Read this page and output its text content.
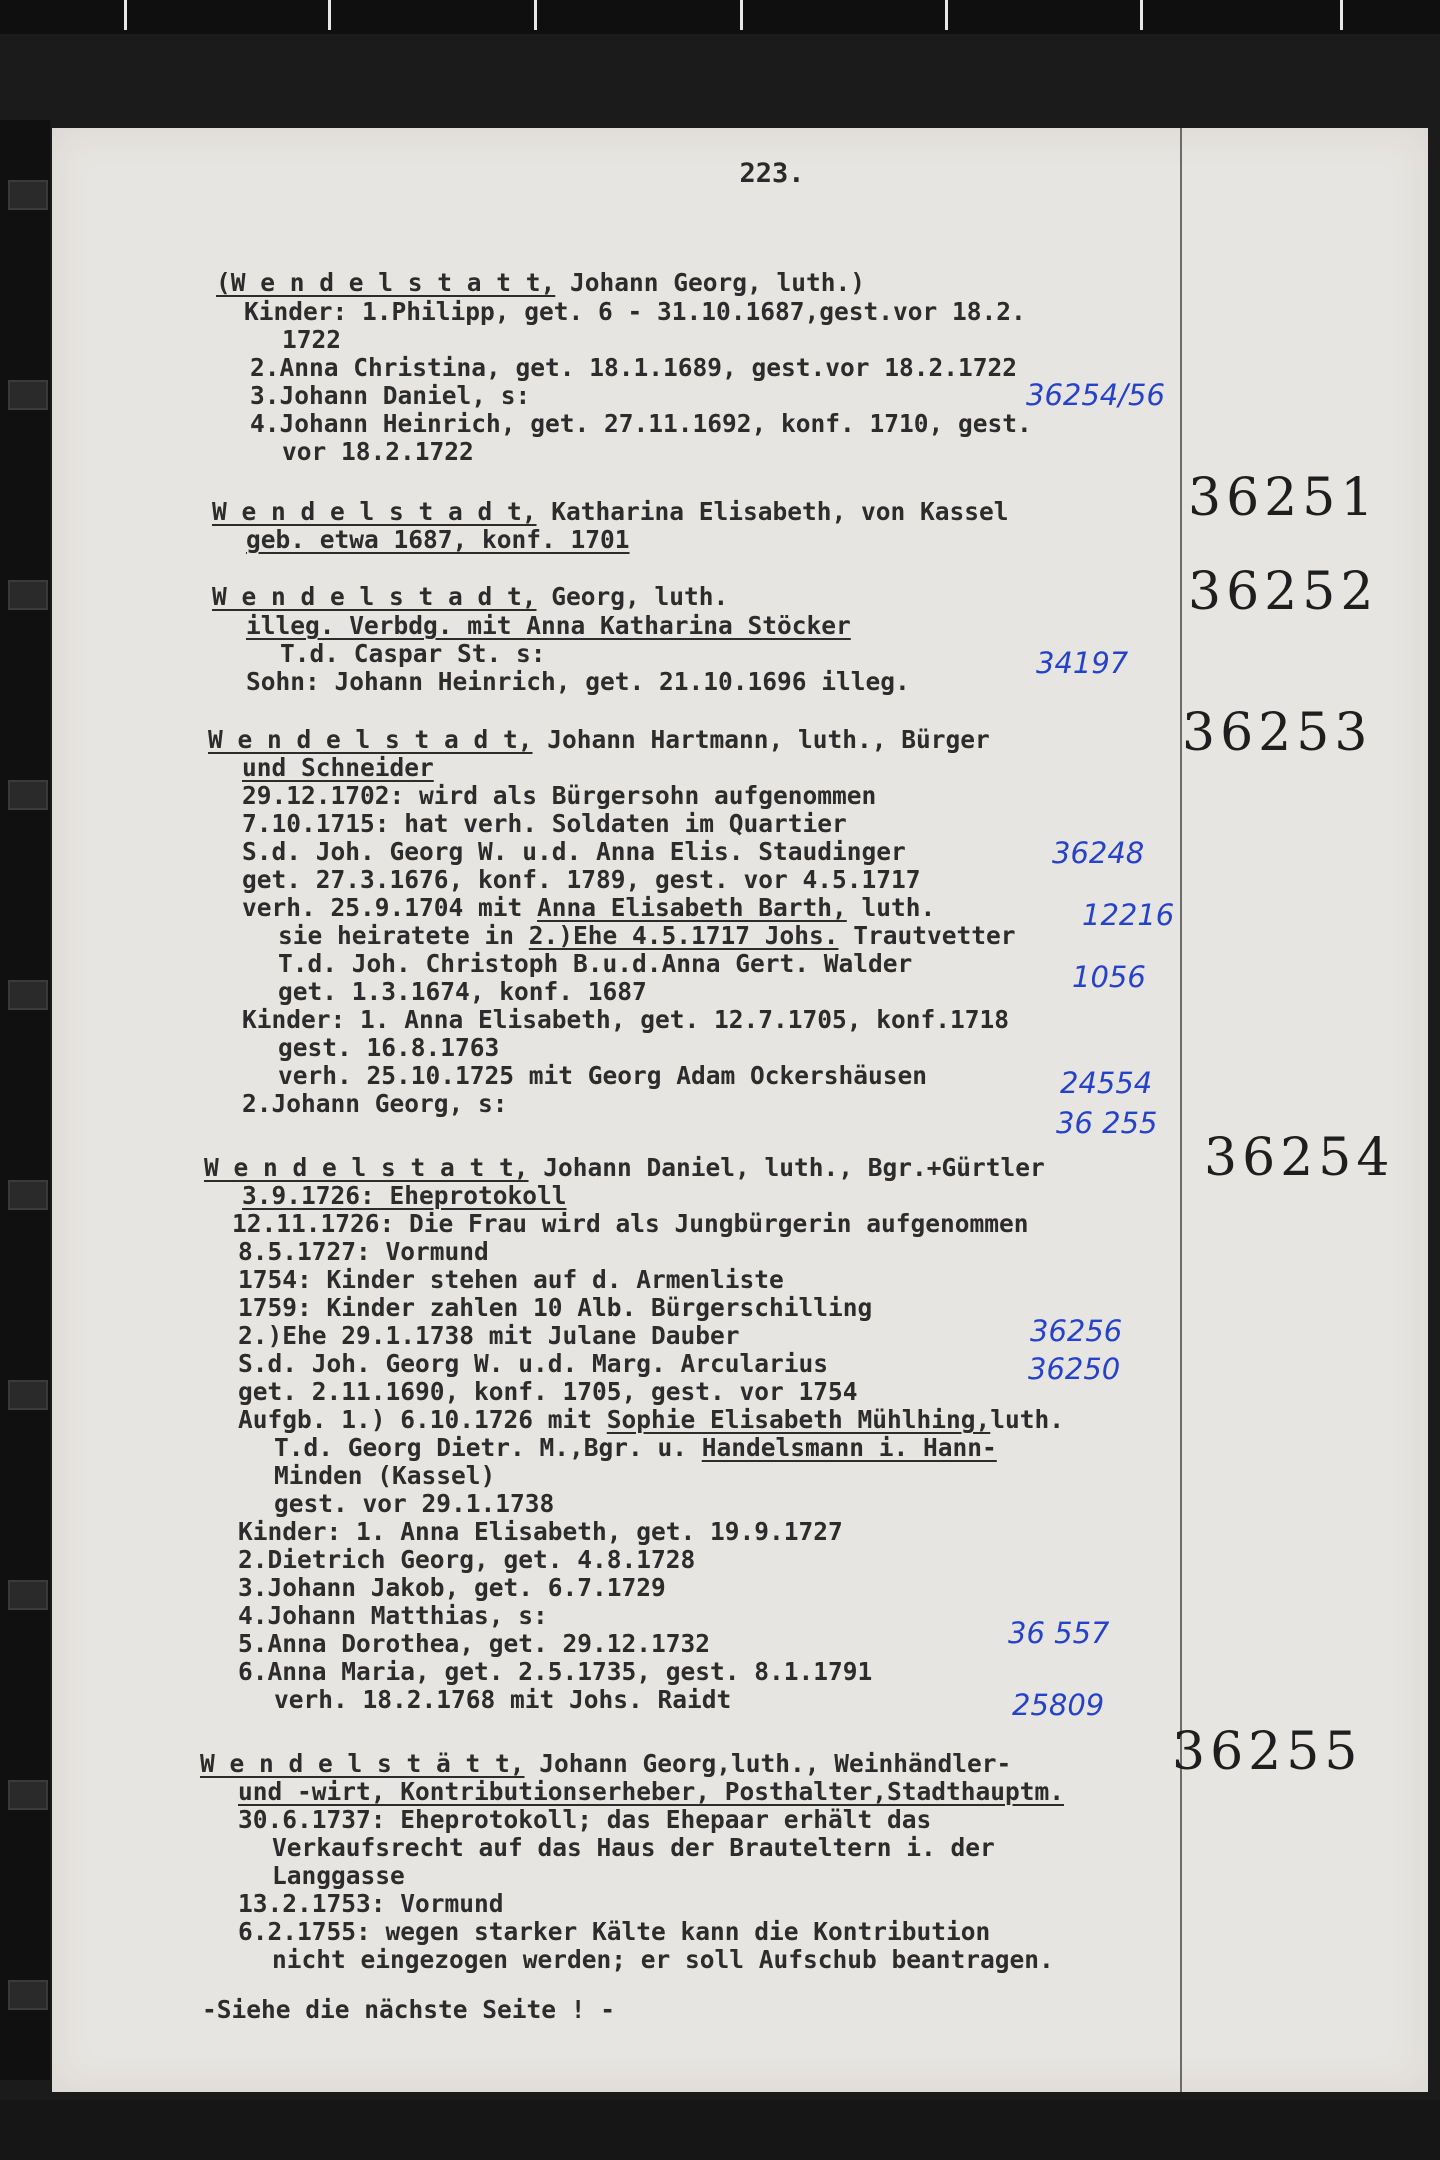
223.
(W e n d e l s t a t t, Johann Georg, luth.)
Kinder: 1.Philipp, get. 6 - 31.10.1687,gest.vor 18.2.
1722
2.Anna Christina, get. 18.1.1689, gest.vor 18.2.1722
3.Johann Daniel, s:
4.Johann Heinrich, get. 27.11.1692, konf. 1710, gest.
vor 18.2.1722
W e n d e l s t a d t, Katharina Elisabeth, von Kassel
geb. etwa 1687, konf. 1701
36251
W e n d e l s t a d t, Georg, luth.
illeg. Verbdg. mit Anna Katharina Stöcker
T.d. Caspar St. s:
Sohn: Johann Heinrich, get. 21.10.1696 illeg.
36252
W e n d e l s t a d t, Johann Hartmann, luth., Bürger
und Schneider
29.12.1702: wird als Bürgersohn aufgenommen
7.10.1715: hat verh. Soldaten im Quartier
S.d. Joh. Georg W. u.d. Anna Elis. Staudinger
get. 27.3.1676, konf. 1789, gest. vor 4.5.1717
verh. 25.9.1704 mit Anna Elisabeth Barth, luth.
sie heiratete in 2.)Ehe 4.5.1717 Johs. Trautvetter
T.d. Joh. Christoph B.u.d.Anna Gert. Walder
get. 1.3.1674, konf. 1687
Kinder: 1. Anna Elisabeth, get. 12.7.1705, konf.1718
gest. 16.8.1763
verh. 25.10.1725 mit Georg Adam Ockershäusen
2.Johann Georg, s:
36253
W e n d e l s t a t t, Johann Daniel, luth., Bgr.+Gürtler
3.9.1726: Eheprotokoll
12.11.1726: Die Frau wird als Jungbürgerin aufgenommen
8.5.1727: Vormund
1754: Kinder stehen auf d. Armenliste
1759: Kinder zahlen 10 Alb. Bürgerschilling
2.)Ehe 29.1.1738 mit Julane Dauber
S.d. Joh. Georg W. u.d. Marg. Arcularius
get. 2.11.1690, konf. 1705, gest. vor 1754
Aufgb. 1.) 6.10.1726 mit Sophie Elisabeth Mühlhing,luth.
T.d. Georg Dietr. M.,Bgr. u. Handelsmann i. Hann-
Minden (Kassel)
gest. vor 29.1.1738
Kinder: 1. Anna Elisabeth, get. 19.9.1727
2.Dietrich Georg, get. 4.8.1728
3.Johann Jakob, get. 6.7.1729
4.Johann Matthias, s:
5.Anna Dorothea, get. 29.12.1732
6.Anna Maria, get. 2.5.1735, gest. 8.1.1791
verh. 18.2.1768 mit Johs. Raidt
36254
W e n d e l s t ä t t, Johann Georg,luth., Weinhändler-
und -wirt, Kontributionserheber, Posthalter,Stadthauptm.
30.6.1737: Eheprotokoll; das Ehepaar erhält das
Verkaufsrecht auf das Haus der Brauteltern i. der
Langgasse
13.2.1753: Vormund
6.2.1755: wegen starker Kälte kann die Kontribution
nicht eingezogen werden; er soll Aufschub beantragen.
36255
-Siehe die nächste Seite ! -
36254/56
34197
36248
12216
1056
24554
36 255
36256
36250
36 557
25809
